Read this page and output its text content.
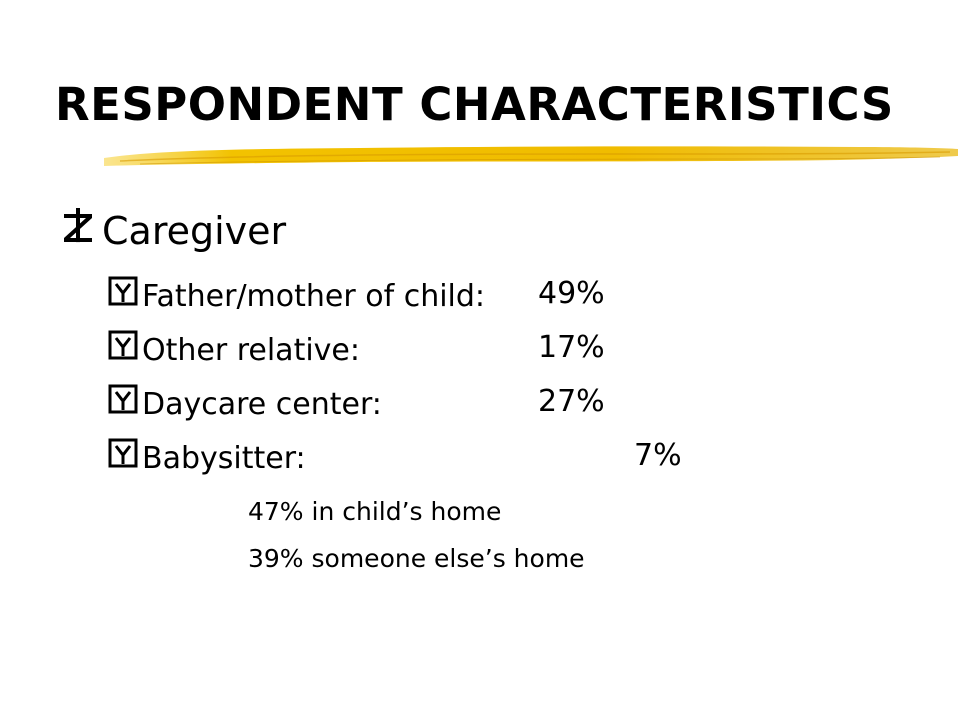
RESPONDENT CHARACTERISTICS
Caregiver
Father/mother of child: 49%
Other relative:	17%
Daycare center:	27%
Babysitter:	7%
47% in child’s home
39% someone else’s home
